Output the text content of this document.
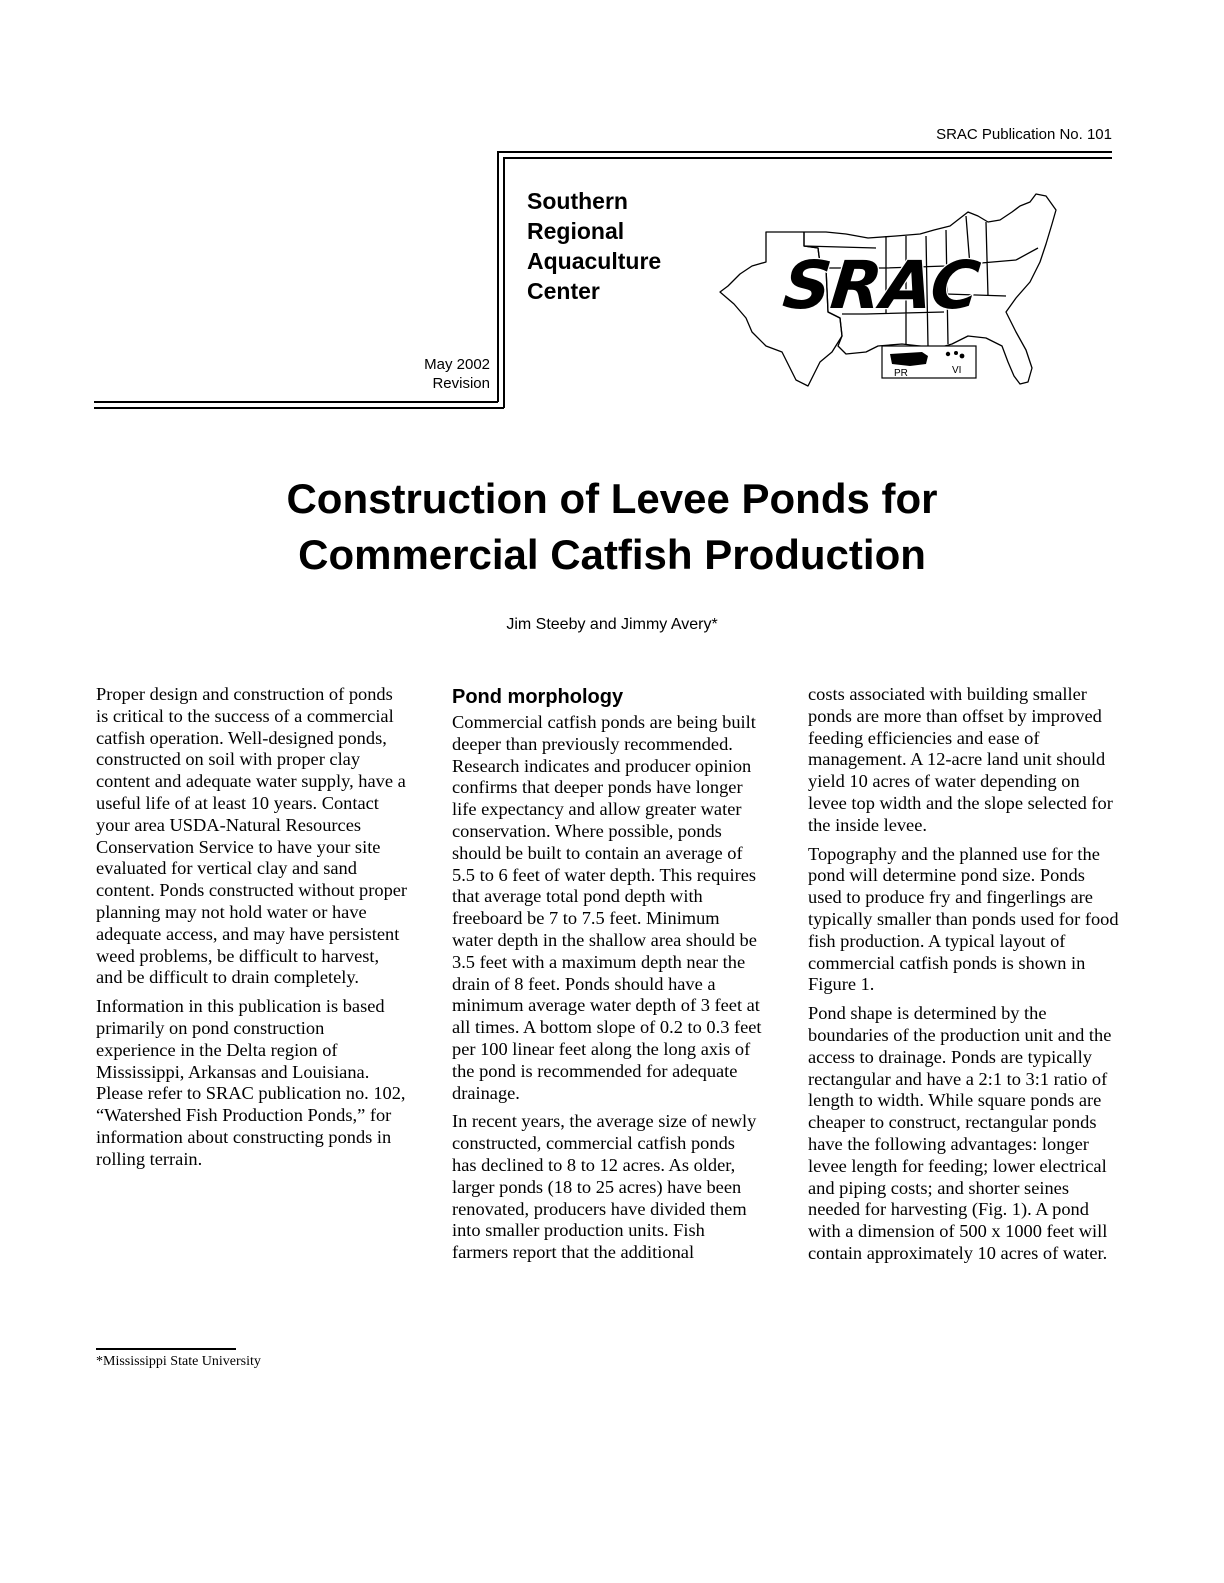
SRAC Publication No. 101
Southern
Regional
Aquaculture
Center
May 2002
Revision
SRAC
PR	VI
Construction of Levee Ponds for
Commercial Catfish Production
Jim Steeby and Jimmy Avery*

Proper design and construction of ponds is critical to the success of a commercial catfish operation. Well-designed ponds, constructed on soil with proper clay content and adequate water supply, have a useful life of at least 10 years. Contact your area USDA-Natural Resources Conservation Service to have your site evaluated for vertical clay and sand content. Ponds constructed without proper planning may not hold water or have adequate access, and may have persistent weed problems, be difficult to harvest, and be difficult to drain completely.

Information in this publication is based primarily on pond construction experience in the Delta region of Mississippi, Arkansas and Louisiana. Please refer to SRAC publication no. 102, “Watershed Fish Production Ponds,” for information about constructing ponds in rolling terrain.

Pond morphology

Commercial catfish ponds are being built deeper than previously recommended. Research indicates and producer opinion confirms that deeper ponds have longer life expectancy and allow greater water conservation. Where possible, ponds should be built to contain an average of 5.5 to 6 feet of water depth. This requires that average total pond depth with freeboard be 7 to 7.5 feet. Minimum water depth in the shallow area should be 3.5 feet with a maximum depth near the drain of 8 feet. Ponds should have a minimum average water depth of 3 feet at all times. A bottom slope of 0.2 to 0.3 feet per 100 linear feet along the long axis of the pond is recommended for adequate drainage.

In recent years, the average size of newly constructed, commercial catfish ponds has declined to 8 to 12 acres. As older, larger ponds (18 to 25 acres) have been renovated, producers have divided them into smaller production units. Fish farmers report that the additional

costs associated with building smaller ponds are more than offset by improved feeding efficiencies and ease of management. A 12-acre land unit should yield 10 acres of water depending on levee top width and the slope selected for the inside levee.

Topography and the planned use for the pond will determine pond size. Ponds used to produce fry and fingerlings are typically smaller than ponds used for food fish production. A typical layout of commercial catfish ponds is shown in Figure 1.

Pond shape is determined by the boundaries of the production unit and the access to drainage. Ponds are typically rectangular and have a 2:1 to 3:1 ratio of length to width. While square ponds are cheaper to construct, rectangular ponds have the following advantages: longer levee length for feeding; lower electrical and piping costs; and shorter seines needed for harvesting (Fig. 1). A pond with a dimension of 500 x 1000 feet will contain approximately 10 acres of water.

*Mississippi State University
